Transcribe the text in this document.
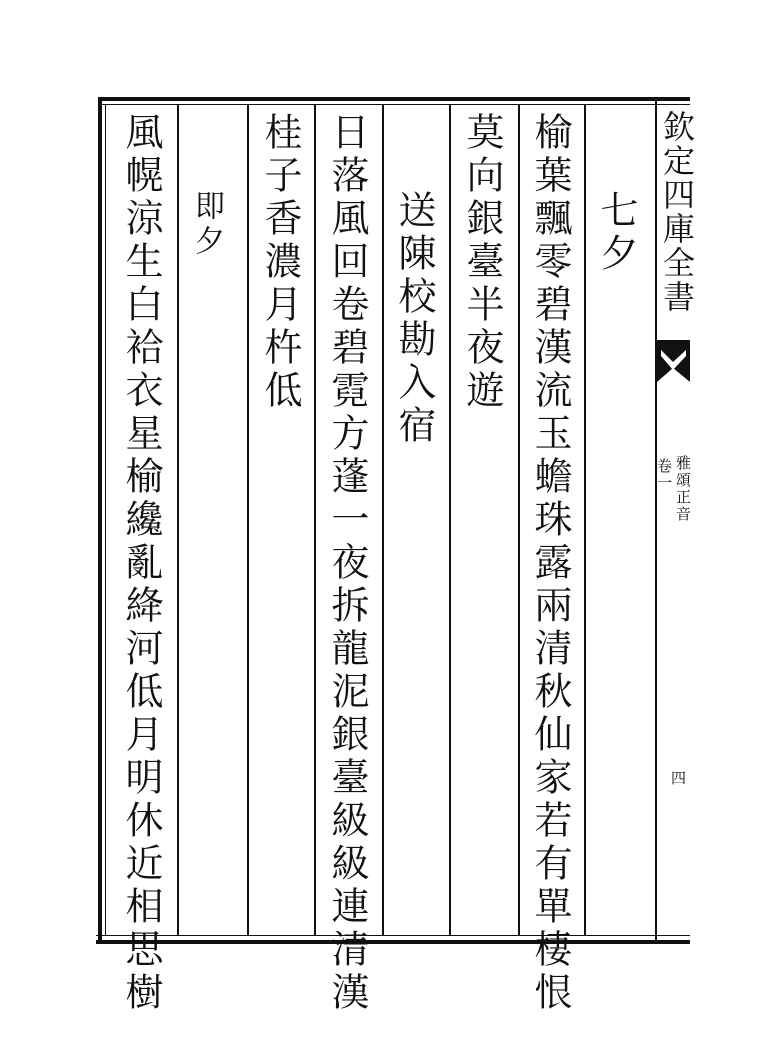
欽定四庫全書
雅頌正音
卷一
四
七夕
榆葉飄零碧漢流玉蟾珠露兩清秋仙家若有單棲恨
莫向銀臺半夜遊
送陳校勘入宿
日落風回卷碧霓方蓬一夜拆龍泥銀臺級級連清漢
桂子香濃月杵低
即夕
風幌涼生白袷衣星榆纔亂絳河低月明休近相思樹
